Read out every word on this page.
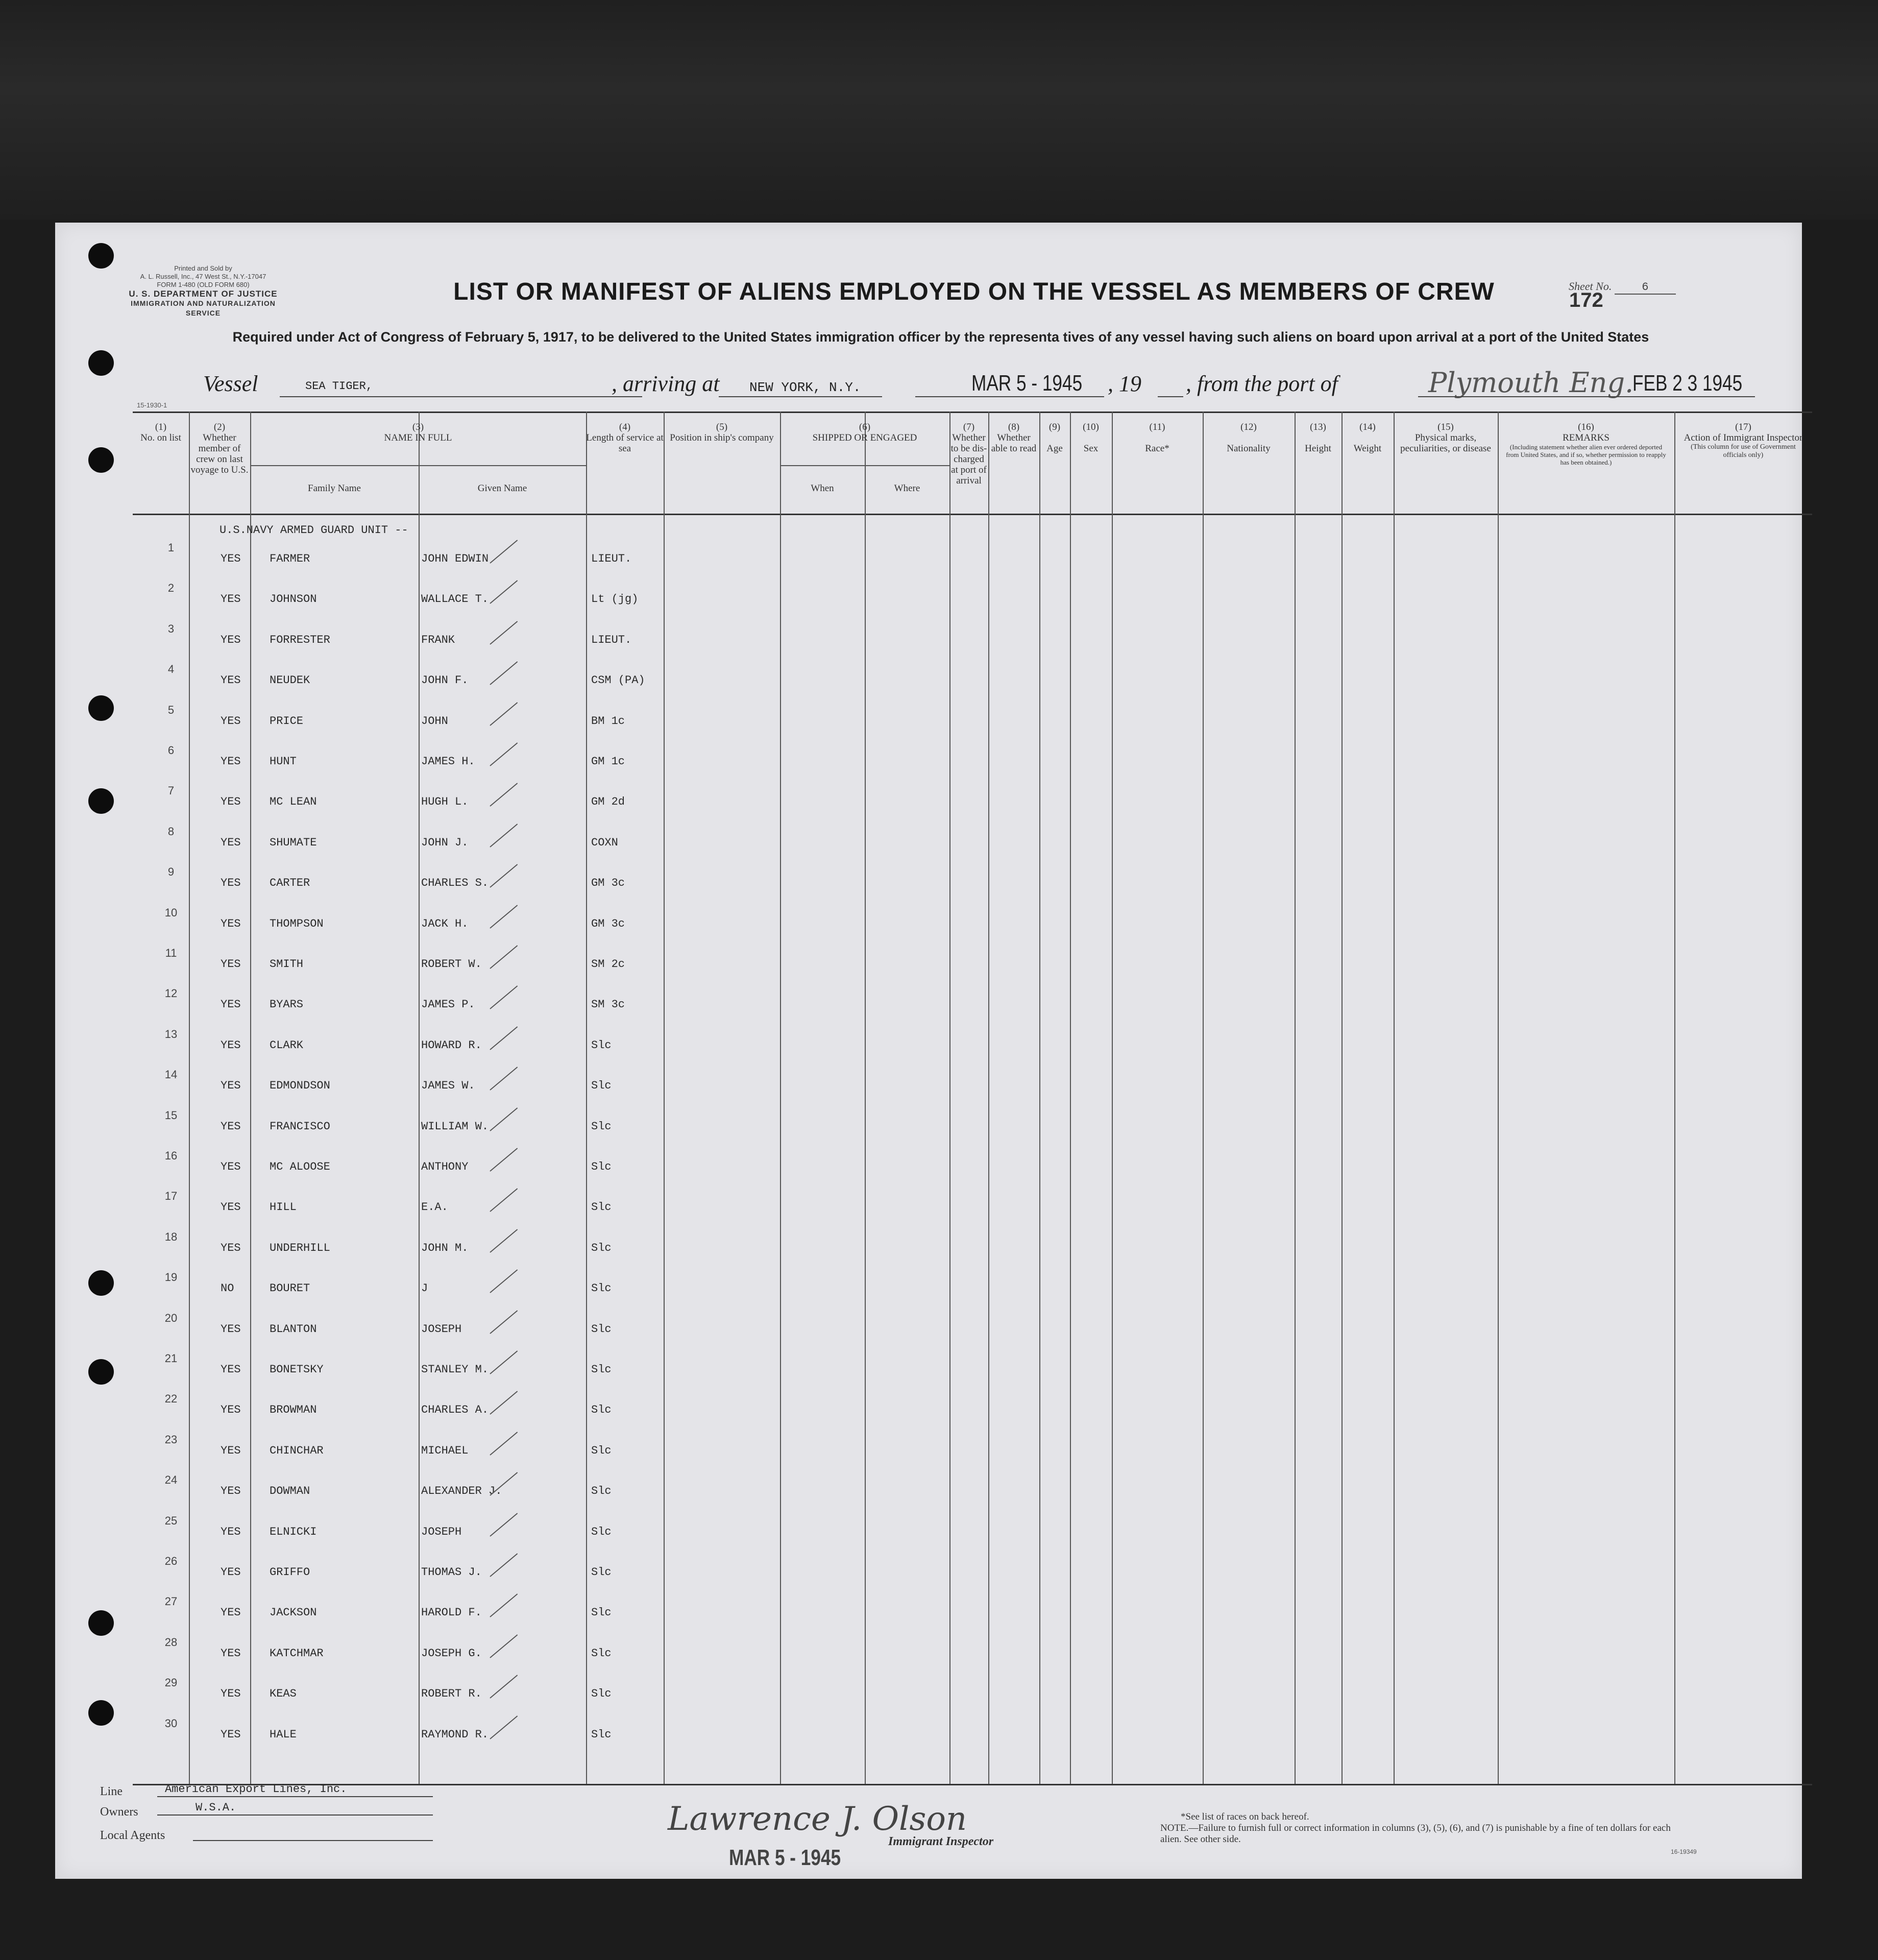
Printed and Sold by
A. L. Russell, Inc., 47 West St., N.Y.-17047
FORM 1-480 (OLD FORM 680)
U. S. DEPARTMENT OF JUSTICE
IMMIGRATION AND NATURALIZATION SERVICE
LIST OR MANIFEST OF ALIENS EMPLOYED ON THE VESSEL AS MEMBERS OF CREW	Sheet No.	6
172
Required under Act of Congress of February 5, 1917, to be delivered to the United States immigration officer by the representa tives of any vessel having such aliens on board upon arrival at a port of the United States
Vessel	SEA TIGER,	, arriving at NEW YORK, N.Y.	MAR 5 - 1945 , 19 , from the port of	Plymouth Eng.
FEB 2 3 1945
15-1930-1
(1)
No. on list
(2)
Whether member of crew on last voyage to U.S.
(3)
NAME IN FULL
Family Name	Given Name
(4)
Length of service at sea
(5)
Position in ship's company
(6)
SHIPPED OR ENGAGED
When	Where
(7)
Whether to be dis-charged at port of arrival
(8)
Whether able to read
(9)

Age
(10)

Sex
(11)

Race*
(12)

Nationality
(13)

Height
(14)

Weight
(15)
Physical marks, peculiarities, or disease
(16)
REMARKS
(Including statement whether alien ever ordered deported from United States, and if so, whether permission to reapply has been obtained.)
(17)
Action of Immigrant Inspector
(This column for use of Government officials only)
U.S.NAVY ARMED GUARD UNIT --
1
YES	FARMER	JOHN EDWIN	LIEUT.
2
YES	JOHNSON	WALLACE T.	Lt (jg)
3
YES	FORRESTER	FRANK	LIEUT.
4
YES	NEUDEK	JOHN F.	CSM (PA)
5
YES	PRICE	JOHN	BM 1c
6
YES	HUNT	JAMES H.	GM 1c
7
YES	MC LEAN	HUGH L.	GM 2d
8
YES	SHUMATE	JOHN J.	COXN
9
YES	CARTER	CHARLES S.	GM 3c
10
YES	THOMPSON	JACK H.	GM 3c
11
YES	SMITH	ROBERT W.	SM 2c
12
YES	BYARS	JAMES P.	SM 3c
13
YES	CLARK	HOWARD R.	Slc
14
YES	EDMONDSON	JAMES W.	Slc
15
YES	FRANCISCO	WILLIAM W.	Slc
16
YES	MC ALOOSE	ANTHONY	Slc
17
YES	HILL	E.A.	Slc
18
YES	UNDERHILL	JOHN M.	Slc
19
NO	BOURET	J	Slc
20
YES	BLANTON	JOSEPH	Slc
21
YES	BONETSKY	STANLEY M.	Slc
22
YES	BROWMAN	CHARLES A.	Slc
23
YES	CHINCHAR	MICHAEL	Slc
24
YES	DOWMAN	ALEXANDER J.	Slc
25
YES	ELNICKI	JOSEPH	Slc
26
YES	GRIFFO	THOMAS J.	Slc
27
YES	JACKSON	HAROLD F.	Slc
28
YES	KATCHMAR	JOSEPH G.	Slc
29
YES	KEAS	ROBERT R.	Slc
30
YES	HALE	RAYMOND R.	Slc
Line	American Export Lines, Inc.
Owners	W.S.A.
Local Agents	Lawrence J. Olson
MAR 5 - 1945
Immigrant Inspector
*See list of races on back hereof.
NOTE.—Failure to furnish full or correct information in columns (3), (5), (6), and (7) is punishable by a fine of ten dollars for each alien. See other side.
16-19349
